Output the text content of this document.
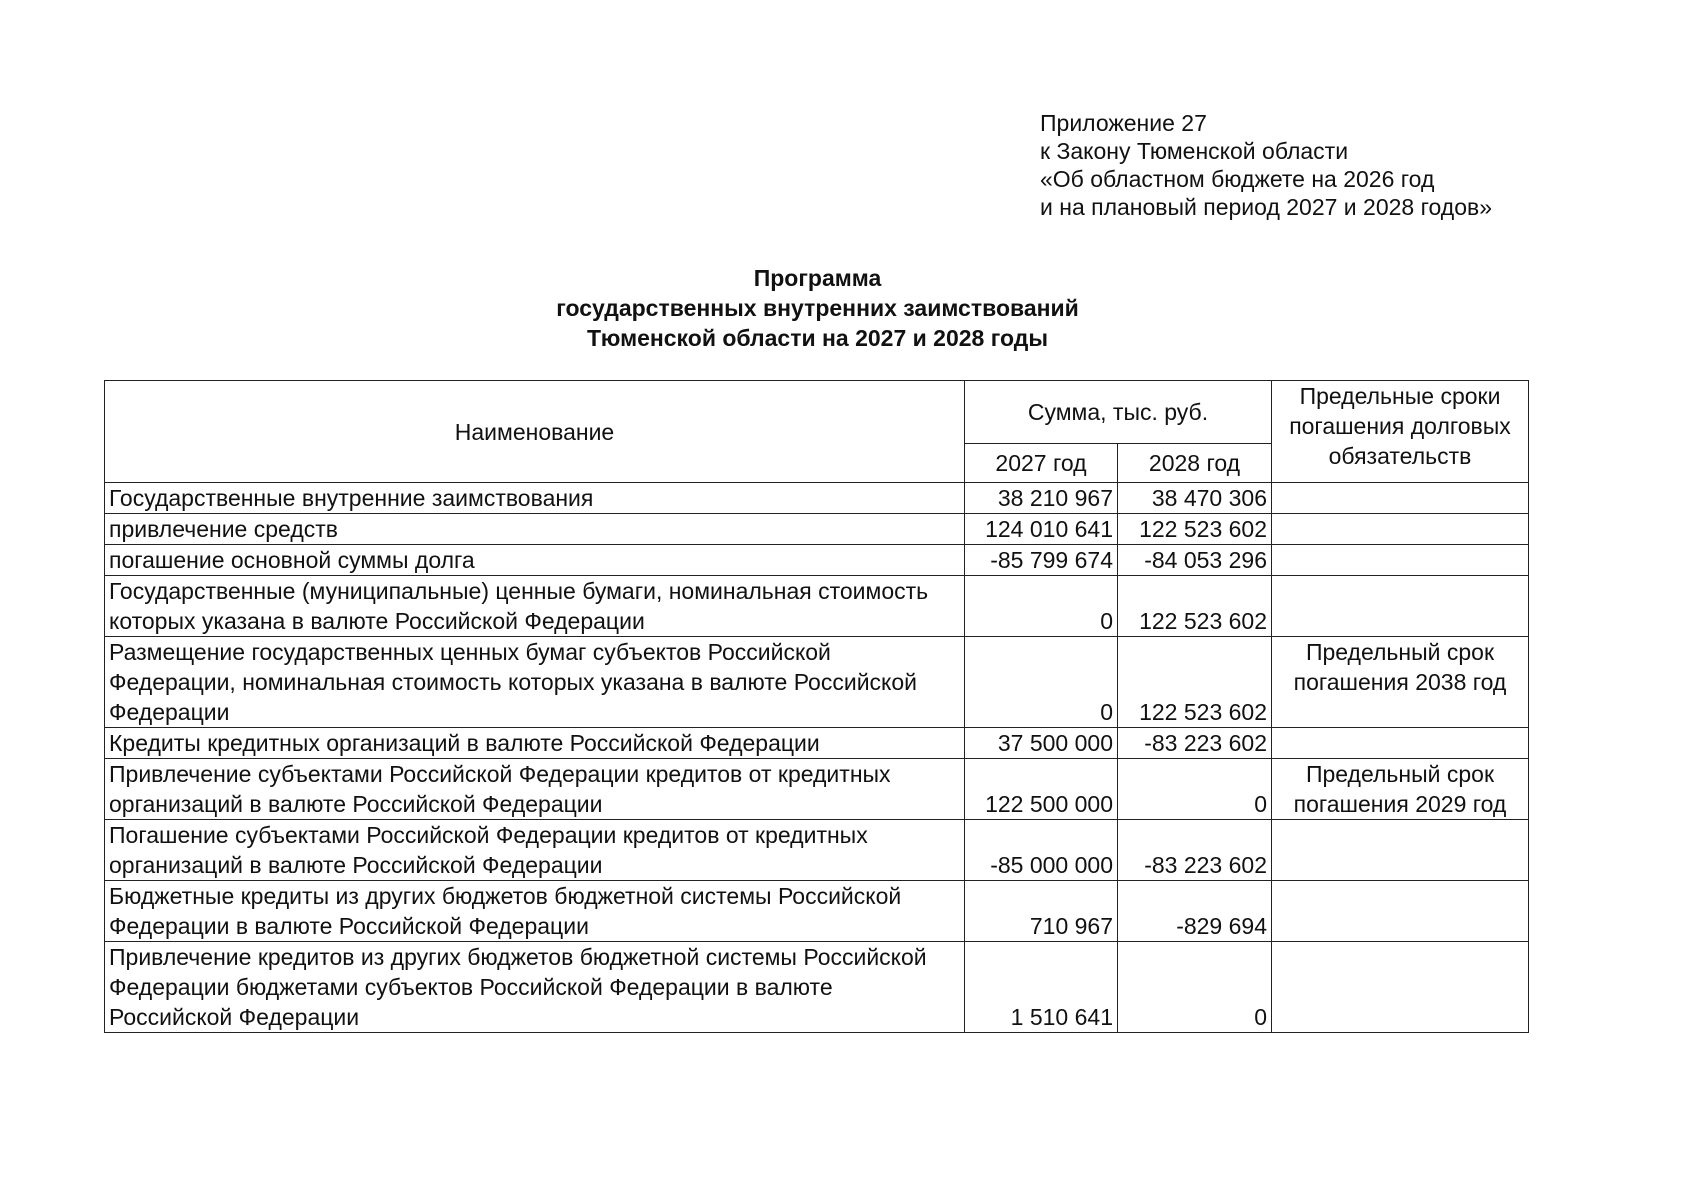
Приложение 27
к Закону Тюменской области
«Об областном бюджете на 2026 год
и на плановый период 2027 и 2028 годов»
Программа
государственных внутренних заимствований
Тюменской области на 2027 и 2028 годы
Наименование	Сумма, тыс. руб.		Предельные сроки погашения долговых обязательств
	2027 год	2028 год	
Государственные внутренние заимствования	38 210 967	38 470 306	
привлечение средств	124 010 641	122 523 602	
погашение основной суммы долга	-85 799 674	-84 053 296	
Государственные (муниципальные) ценные бумаги, номинальная стоимость которых указана в валюте Российской Федерации	0	122 523 602	
Размещение государственных ценных бумаг субъектов Российской Федерации, номинальная стоимость которых указана в валюте Российской Федерации	0	122 523 602	Предельный срок погашения 2038 год
Кредиты кредитных организаций в валюте Российской Федерации	37 500 000	-83 223 602	
Привлечение субъектами Российской Федерации кредитов от кредитных организаций в валюте Российской Федерации	122 500 000	0	Предельный срок погашения 2029 год
Погашение субъектами Российской Федерации кредитов от кредитных организаций в валюте Российской Федерации	-85 000 000	-83 223 602	
Бюджетные кредиты из других бюджетов бюджетной системы Российской Федерации в валюте Российской Федерации	710 967	-829 694	
Привлечение кредитов из других бюджетов бюджетной системы Российской Федерации бюджетами субъектов Российской Федерации в валюте Российской Федерации	1 510 641	0	
